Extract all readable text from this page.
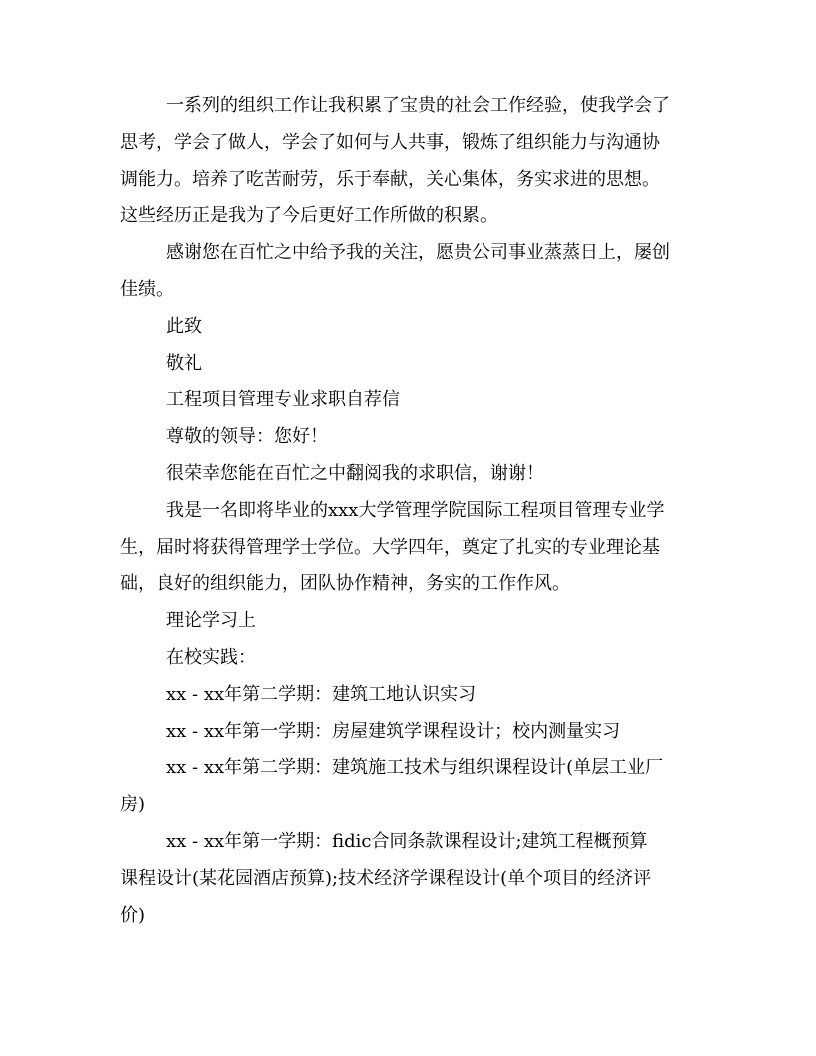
一系列的组织工作让我积累了宝贵的社会工作经验，使我学会了
思考，学会了做人，学会了如何与人共事，锻炼了组织能力与沟通协
调能力。培养了吃苦耐劳，乐于奉献，关心集体，务实求进的思想。
这些经历正是我为了今后更好工作所做的积累。
感谢您在百忙之中给予我的关注，愿贵公司事业蒸蒸日上，屡创
佳绩。
此致
敬礼
工程项目管理专业求职自荐信
尊敬的领导：您好！
很荣幸您能在百忙之中翻阅我的求职信，谢谢！
我是一名即将毕业的xxx大学管理学院国际工程项目管理专业学
生，届时将获得管理学士学位。大学四年，奠定了扎实的专业理论基
础，良好的组织能力，团队协作精神，务实的工作作风。
理论学习上
在校实践：
xx - xx年第二学期：建筑工地认识实习
xx - xx年第一学期：房屋建筑学课程设计；校内测量实习
xx - xx年第二学期：建筑施工技术与组织课程设计(单层工业厂
房)
xx - xx年第一学期：fidic合同条款课程设计;建筑工程概预算
课程设计(某花园酒店预算);技术经济学课程设计(单个项目的经济评
价)
